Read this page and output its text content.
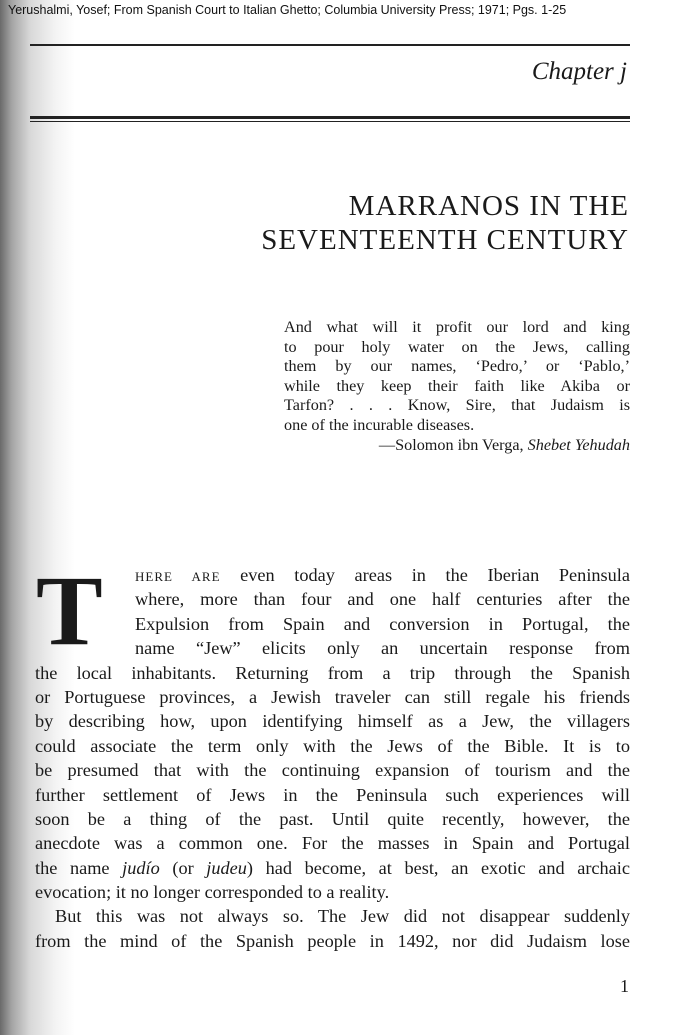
Yerushalmi, Yosef; From Spanish Court to Italian Ghetto; Columbia University Press; 1971; Pgs. 1-25
Chapter j
MARRANOS IN THE
SEVENTEENTH CENTURY
And what will it profit our lord and king
to pour holy water on the Jews, calling
them by our names, ‘Pedro,’ or ‘Pablo,’
while they keep their faith like Akiba or
Tarfon? . . . Know, Sire, that Judaism is
one of the incurable diseases.
—Solomon ibn Verga, Shebet Yehudah
T HERE ARE even today areas in the Iberian Peninsula
where, more than four and one half centuries after the
Expulsion from Spain and conversion in Portugal, the
name “Jew” elicits only an uncertain response from
the local inhabitants. Returning from a trip through the Spanish
or Portuguese provinces, a Jewish traveler can still regale his friends
by describing how, upon identifying himself as a Jew, the villagers
could associate the term only with the Jews of the Bible. It is to
be presumed that with the continuing expansion of tourism and the
further settlement of Jews in the Peninsula such experiences will
soon be a thing of the past. Until quite recently, however, the
anecdote was a common one. For the masses in Spain and Portugal
the name judío (or judeu) had become, at best, an exotic and archaic
evocation; it no longer corresponded to a reality.
But this was not always so. The Jew did not disappear suddenly
from the mind of the Spanish people in 1492, nor did Judaism lose
1
